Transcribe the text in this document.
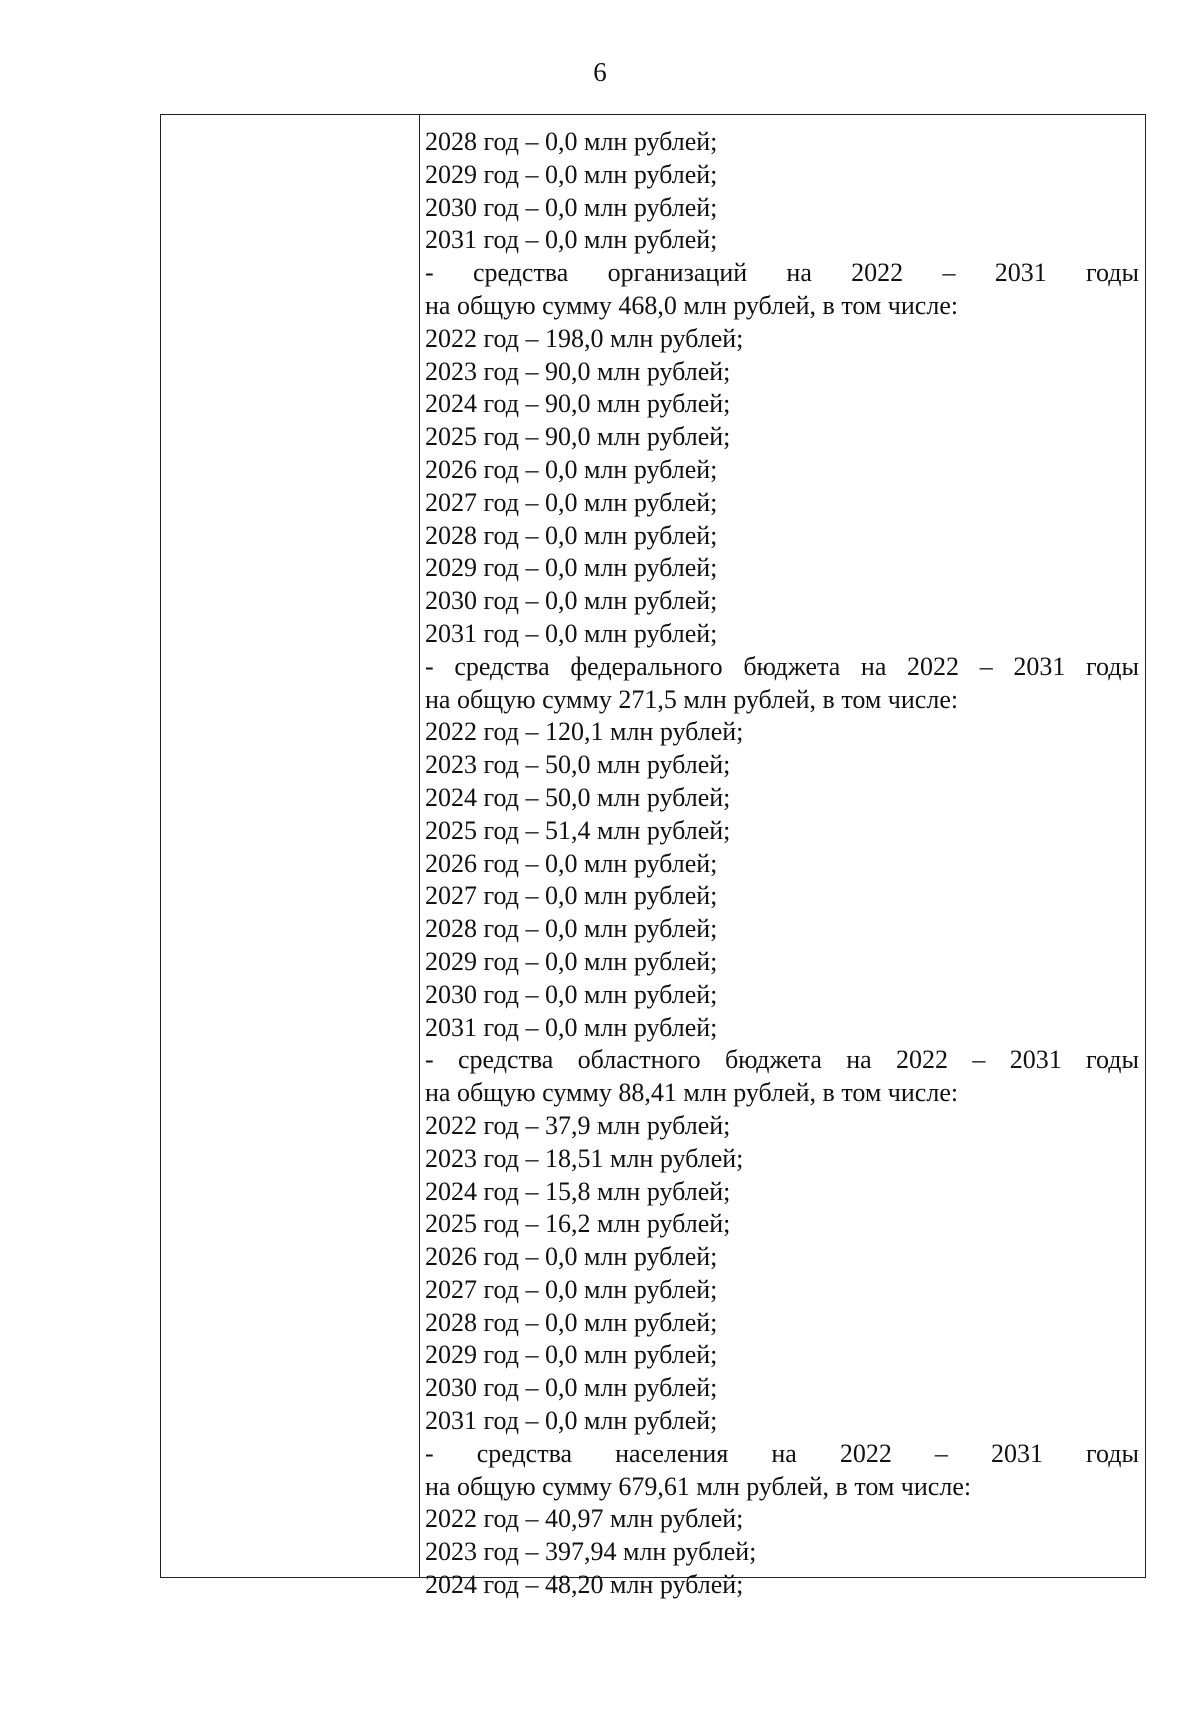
6
2028 год – 0,0 млн рублей;
2029 год – 0,0 млн рублей;
2030 год – 0,0 млн рублей;
2031 год – 0,0 млн рублей;
- средства организаций на 2022 – 2031 годы
на общую сумму 468,0 млн рублей, в том числе:
2022 год – 198,0 млн рублей;
2023 год – 90,0 млн рублей;
2024 год – 90,0 млн рублей;
2025 год – 90,0 млн рублей;
2026 год – 0,0 млн рублей;
2027 год – 0,0 млн рублей;
2028 год – 0,0 млн рублей;
2029 год – 0,0 млн рублей;
2030 год – 0,0 млн рублей;
2031 год – 0,0 млн рублей;
- средства федерального бюджета на 2022 – 2031 годы
на общую сумму 271,5 млн рублей, в том числе:
2022 год – 120,1 млн рублей;
2023 год – 50,0 млн рублей;
2024 год – 50,0 млн рублей;
2025 год – 51,4 млн рублей;
2026 год – 0,0 млн рублей;
2027 год – 0,0 млн рублей;
2028 год – 0,0 млн рублей;
2029 год – 0,0 млн рублей;
2030 год – 0,0 млн рублей;
2031 год – 0,0 млн рублей;
- средства областного бюджета на 2022 – 2031 годы
на общую сумму 88,41 млн рублей, в том числе:
2022 год – 37,9 млн рублей;
2023 год – 18,51 млн рублей;
2024 год – 15,8 млн рублей;
2025 год – 16,2 млн рублей;
2026 год – 0,0 млн рублей;
2027 год – 0,0 млн рублей;
2028 год – 0,0 млн рублей;
2029 год – 0,0 млн рублей;
2030 год – 0,0 млн рублей;
2031 год – 0,0 млн рублей;
- средства населения на 2022 – 2031 годы
на общую сумму 679,61 млн рублей, в том числе:
2022 год – 40,97 млн рублей;
2023 год – 397,94 млн рублей;
2024 год – 48,20 млн рублей;
